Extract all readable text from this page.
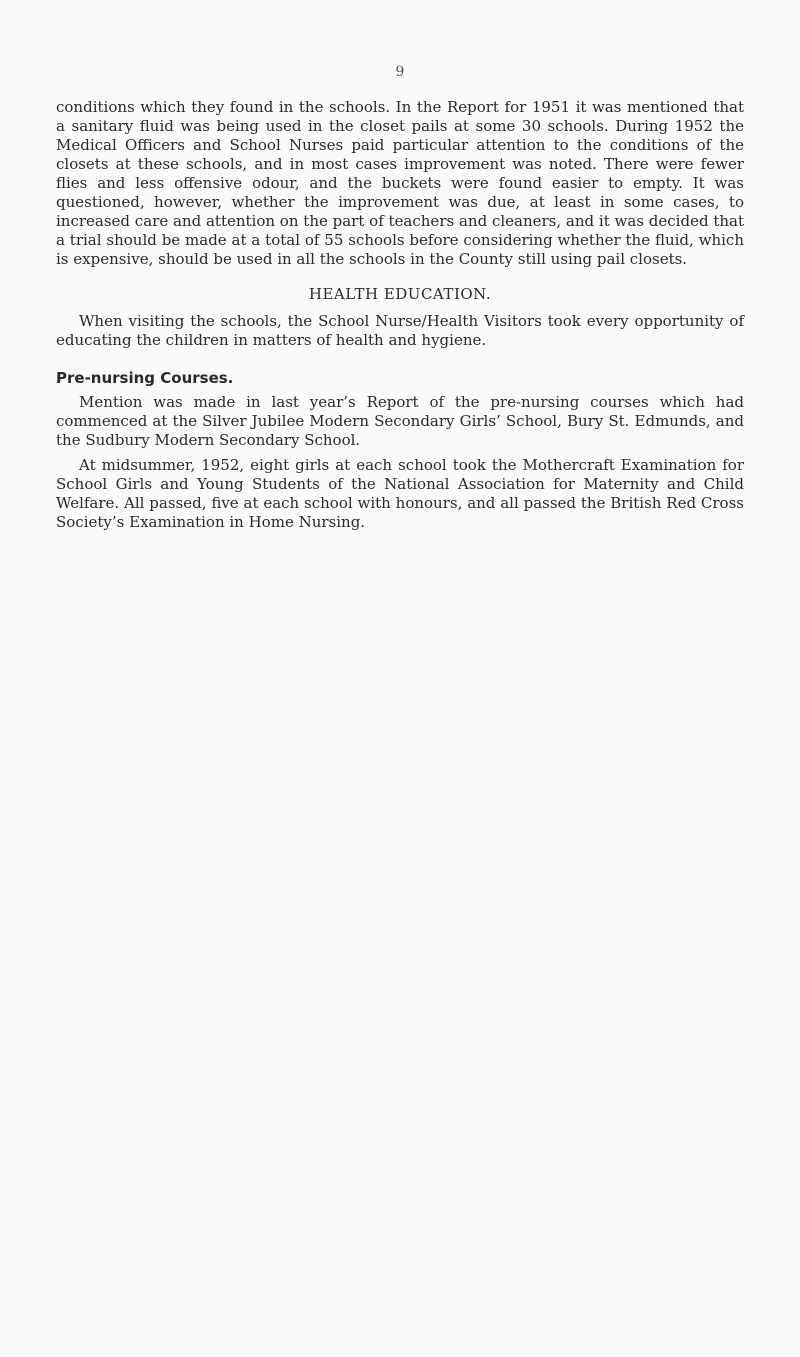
9

conditions which they found in the schools. In the Report for 1951 it was mentioned that a sanitary fluid was being used in the closet pails at some 30 schools. During 1952 the Medical Officers and School Nurses paid particular attention to the conditions of the closets at these schools, and in most cases improvement was noted. There were fewer flies and less offensive odour, and the buckets were found easier to empty. It was questioned, however, whether the improvement was due, at least in some cases, to increased care and attention on the part of teachers and cleaners, and it was decided that a trial should be made at a total of 55 schools before considering whether the fluid, which is expensive, should be used in all the schools in the County still using pail closets.

HEALTH EDUCATION.

When visiting the schools, the School Nurse/Health Visitors took every opportunity of educating the children in matters of health and hygiene.

Pre-nursing Courses.

Mention was made in last year’s Report of the pre-nursing courses which had commenced at the Silver Jubilee Modern Secondary Girls’ School, Bury St. Edmunds, and the Sudbury Modern Secondary School.

At midsummer, 1952, eight girls at each school took the Mothercraft Examination for School Girls and Young Students of the National Association for Maternity and Child Welfare. All passed, five at each school with honours, and all passed the British Red Cross Society’s Examination in Home Nursing.
